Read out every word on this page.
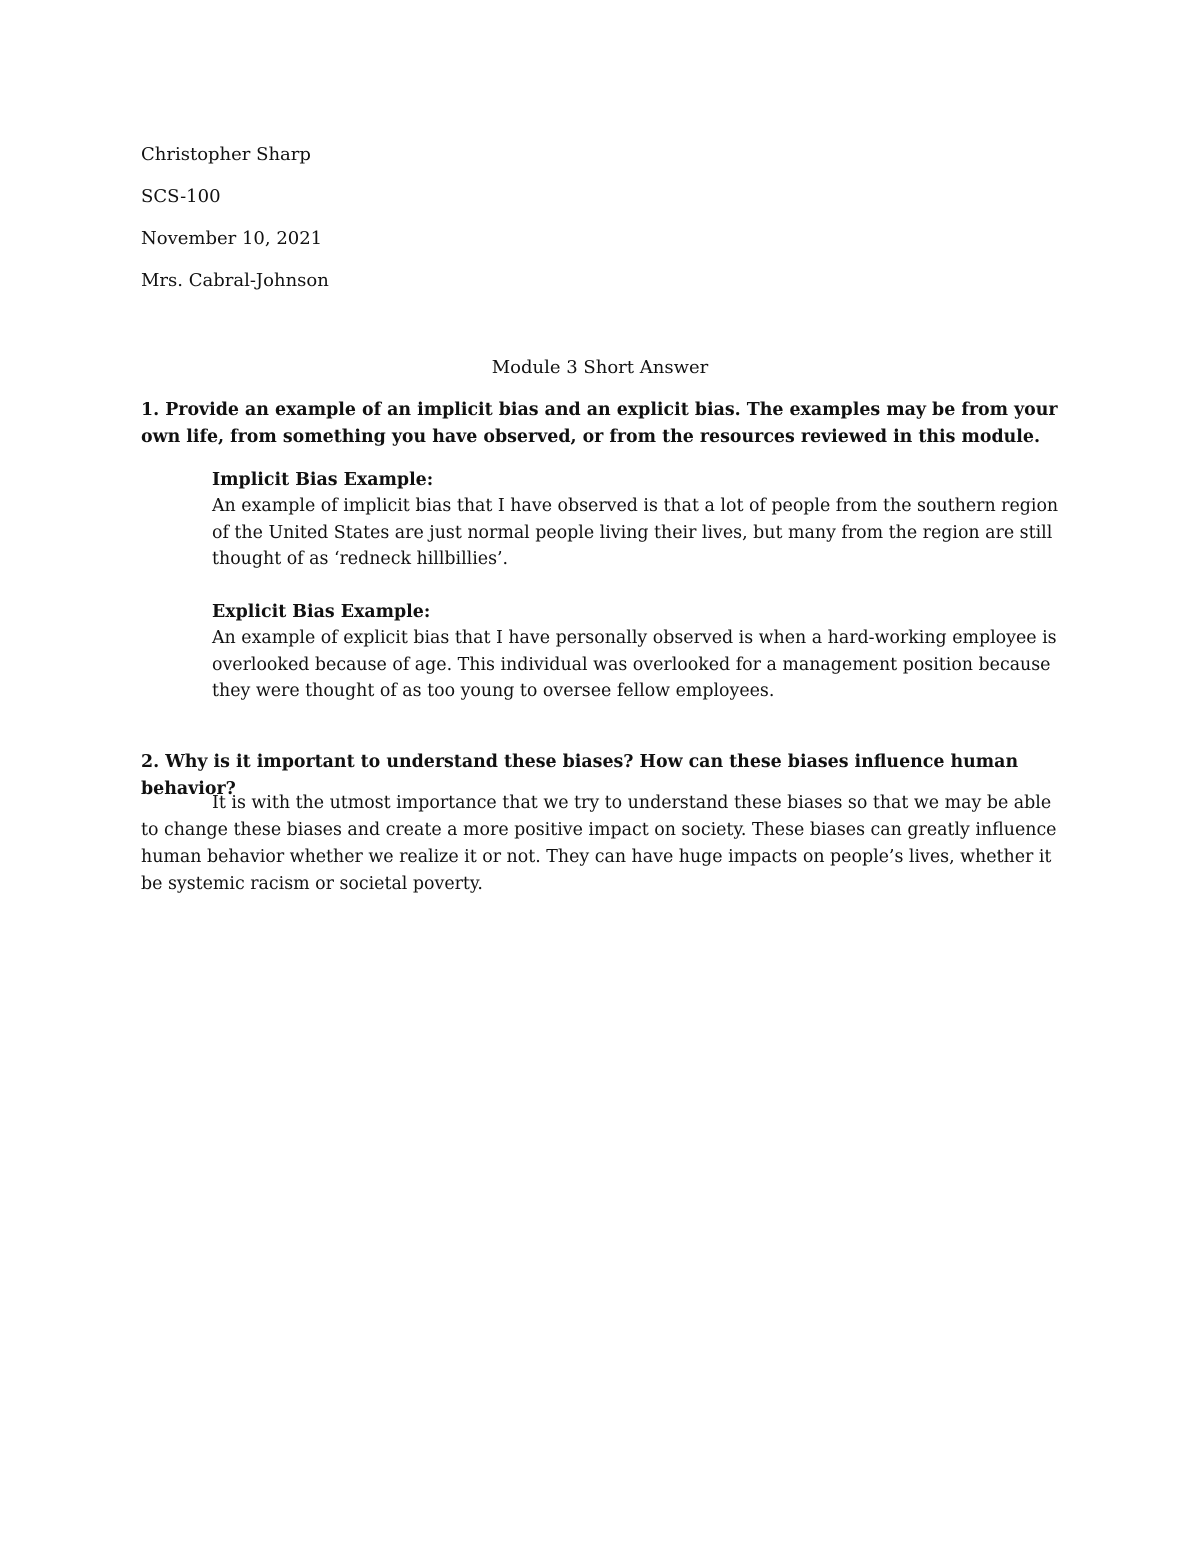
Christopher Sharp
SCS-100
November 10, 2021
Mrs. Cabral-Johnson
Module 3 Short Answer
1. Provide an example of an implicit bias and an explicit bias. The examples may be from your own life, from something you have observed, or from the resources reviewed in this module.

Implicit Bias Example:

An example of implicit bias that I have observed is that a lot of people from the southern region of the United States are just normal people living their lives, but many from the region are still thought of as ‘redneck hillbillies’.

Explicit Bias Example:

An example of explicit bias that I have personally observed is when a hard-working employee is overlooked because of age. This individual was overlooked for a management position because they were thought of as too young to oversee fellow employees.

2. Why is it important to understand these biases? How can these biases influence human behavior?

It is with the utmost importance that we try to understand these biases so that we may be able to change these biases and create a more positive impact on society. These biases can greatly influence human behavior whether we realize it or not. They can have huge impacts on people’s lives, whether it be systemic racism or societal poverty.
